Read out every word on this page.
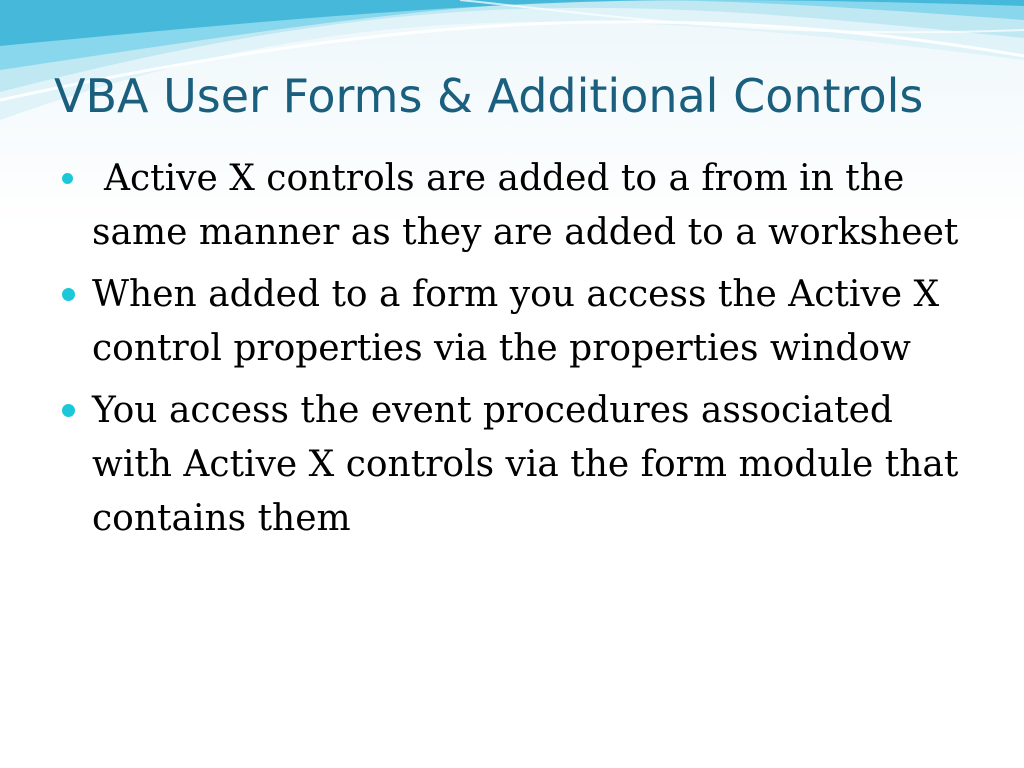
VBA User Forms & Additional Controls
Active X controls are added to a from in the same manner as they are added to a worksheet
When added to a form you access the Active X control properties via the properties window
You access the event procedures associated with Active X controls via the form module that contains them
